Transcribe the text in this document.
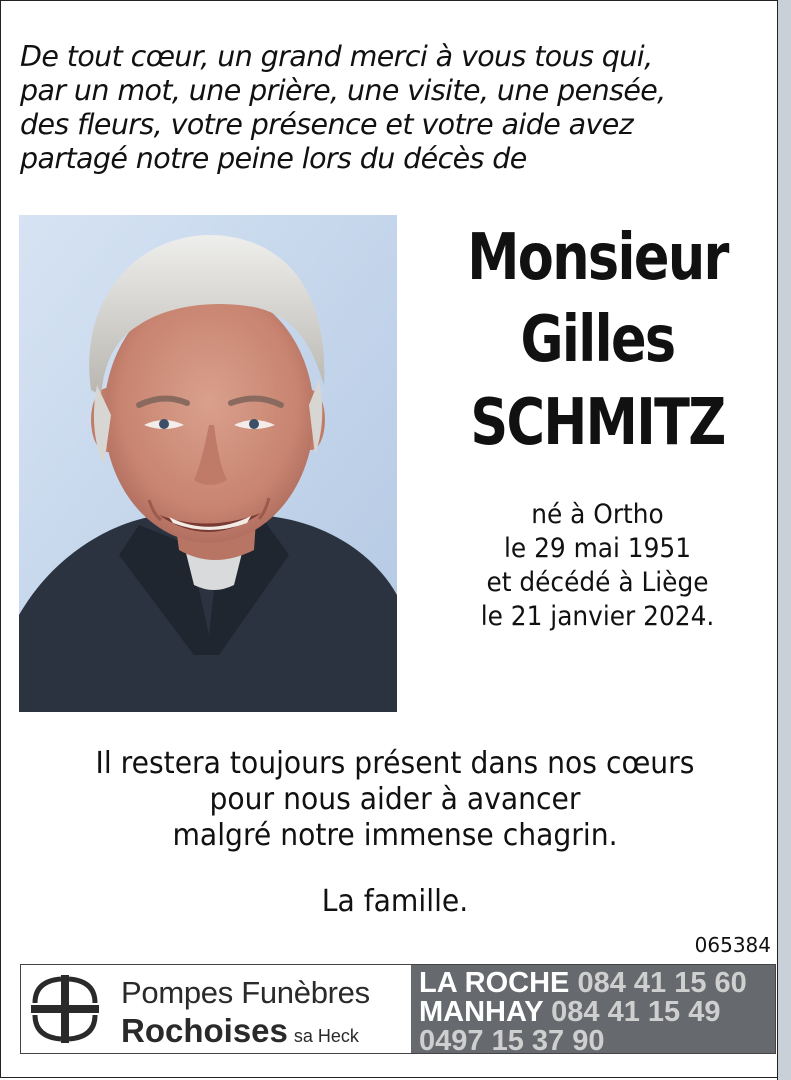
De tout cœur, un grand merci à vous tous qui,
par un mot, une prière, une visite, une pensée,
des fleurs, votre présence et votre aide avez
partagé notre peine lors du décès de
Monsieur
Gilles
SCHMITZ
né à Ortho
le 29 mai 1951
et décédé à Liège
le 21 janvier 2024.
Il restera toujours présent dans nos cœurs
pour nous aider à avancer
malgré notre immense chagrin.
La famille.
065384
Pompes Funèbres
Rochoises sa Heck
LA ROCHE 084 41 15 60
MANHAY 084 41 15 49
0497 15 37 90
